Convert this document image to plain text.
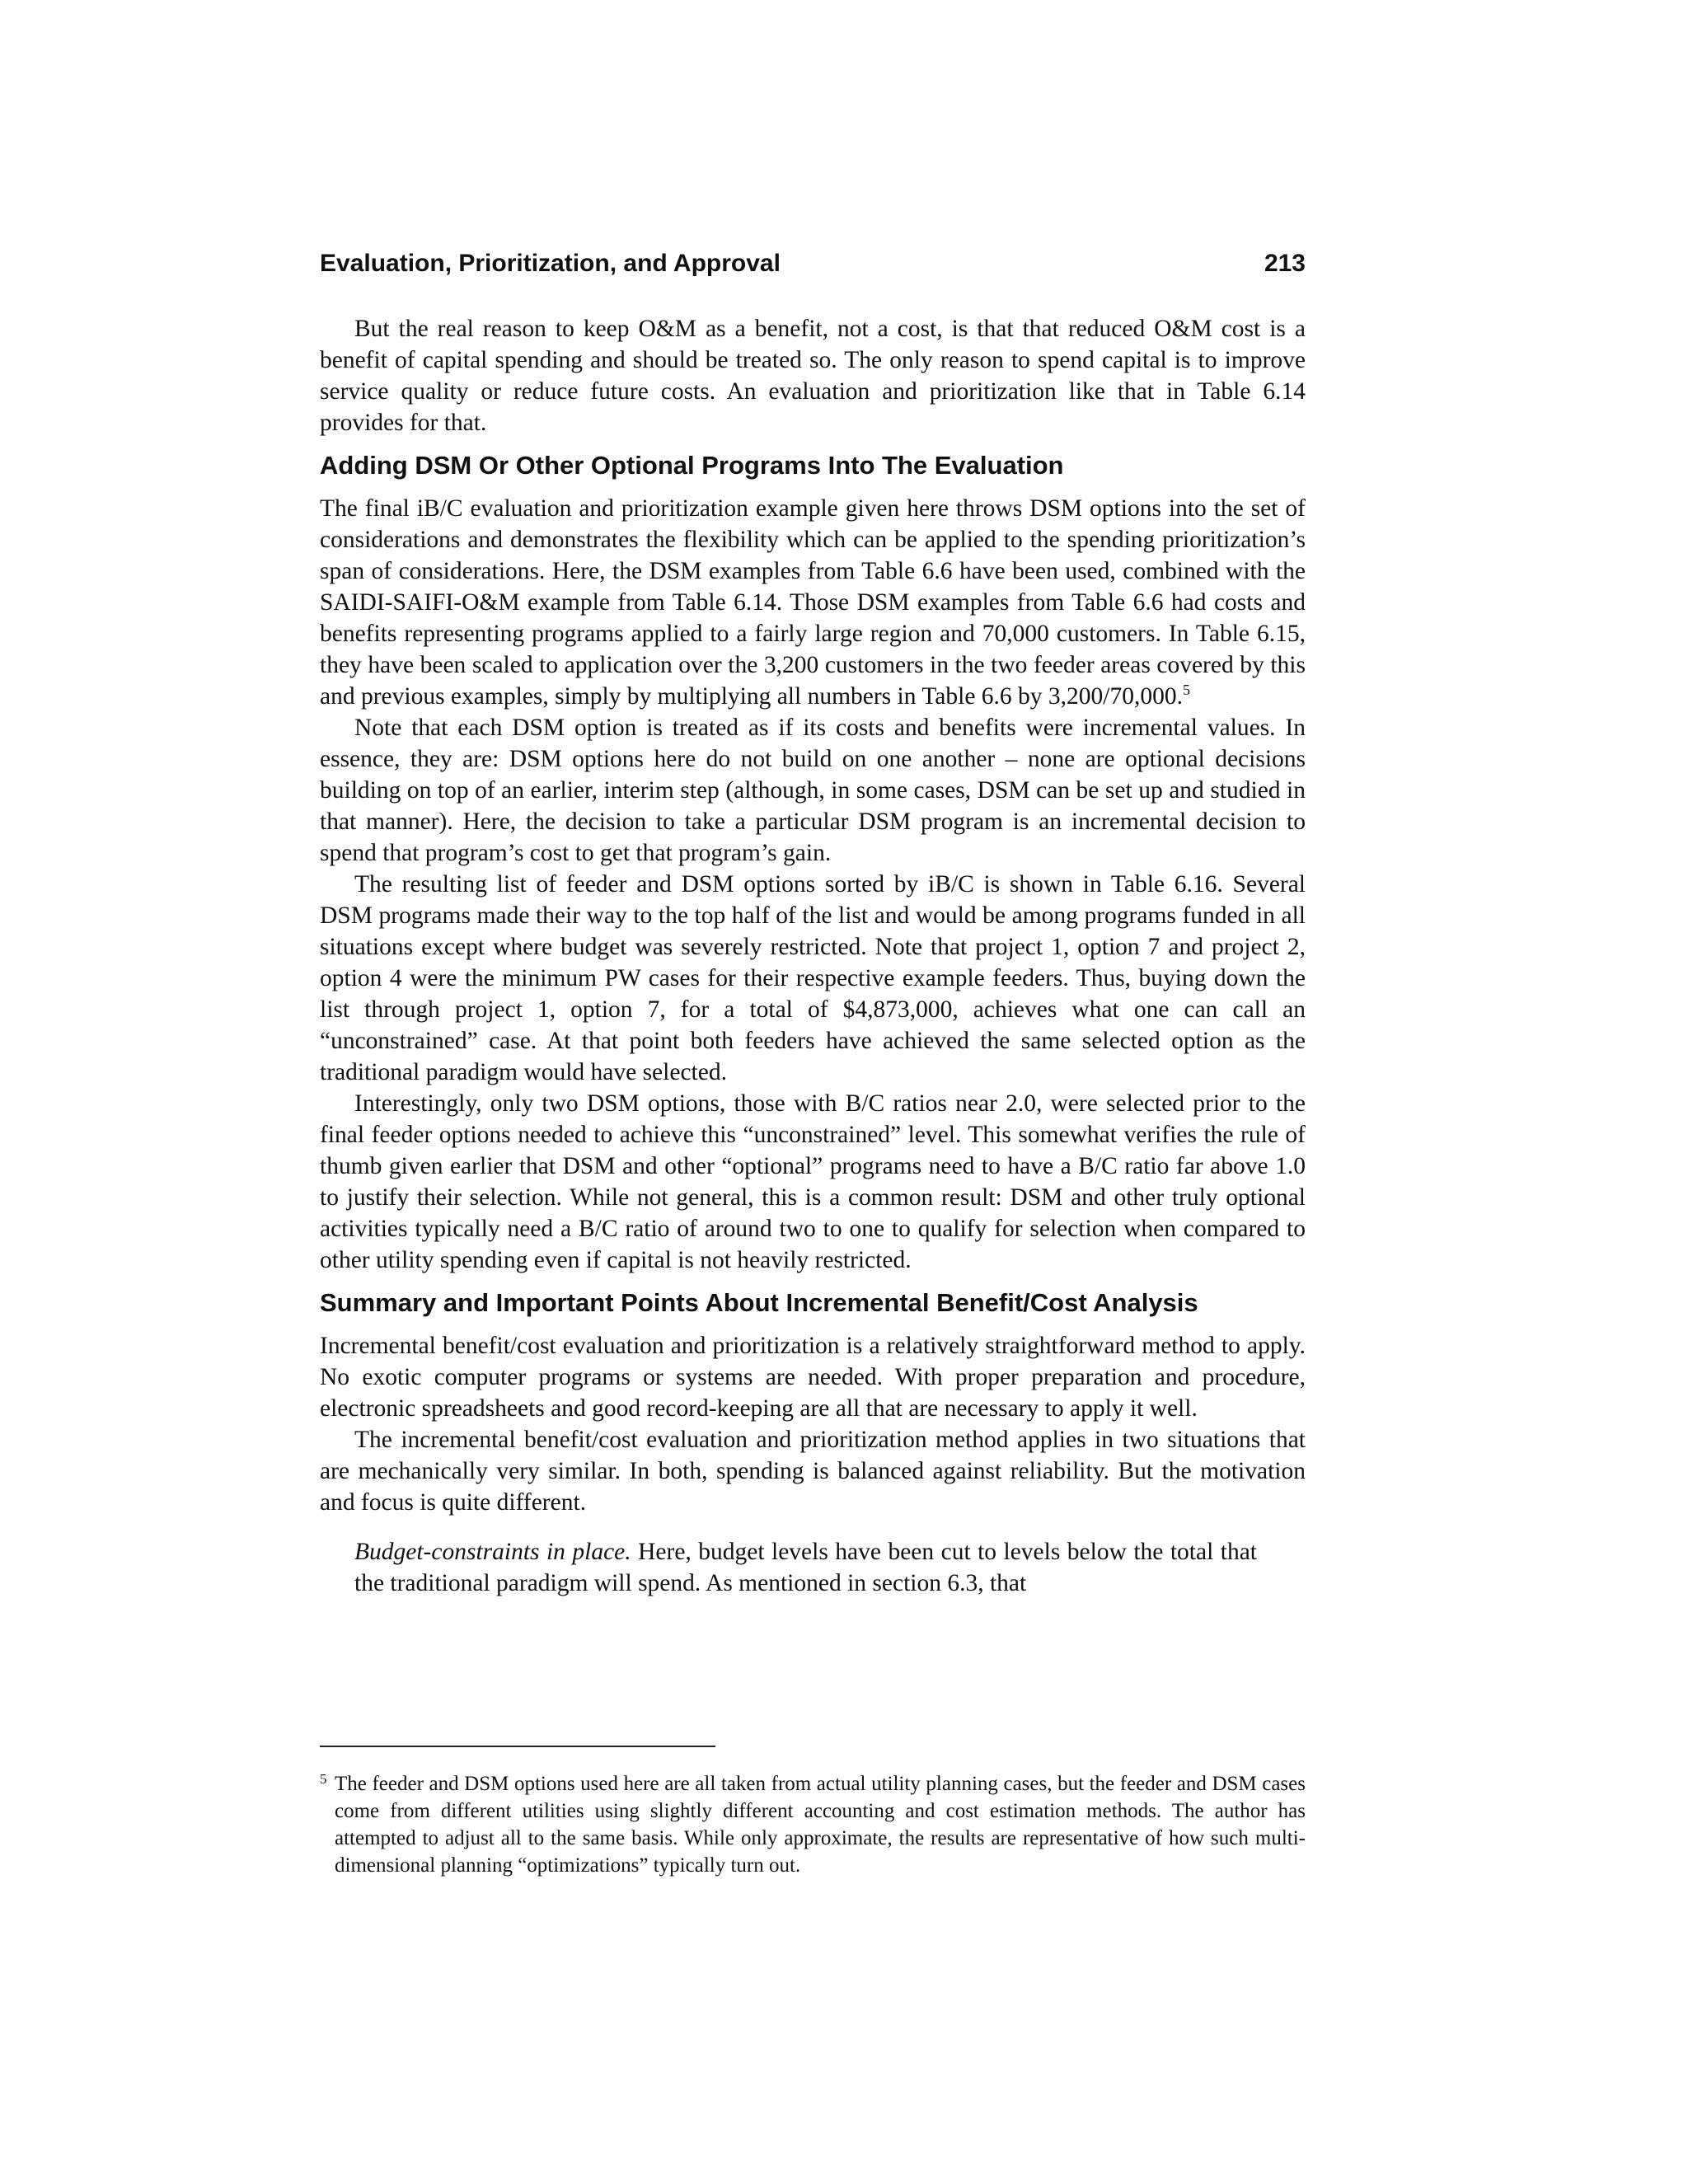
Evaluation, Prioritization, and Approval	213

But the real reason to keep O&M as a benefit, not a cost, is that that reduced O&M cost is a benefit of capital spending and should be treated so. The only reason to spend capital is to improve service quality or reduce future costs. An evaluation and prioritization like that in Table 6.14 provides for that.

Adding DSM Or Other Optional Programs Into The Evaluation

The final iB/C evaluation and prioritization example given here throws DSM options into the set of considerations and demonstrates the flexibility which can be applied to the spending prioritization’s span of considerations. Here, the DSM examples from Table 6.6 have been used, combined with the SAIDI-SAIFI-O&M example from Table 6.14. Those DSM examples from Table 6.6 had costs and benefits representing programs applied to a fairly large region and 70,000 customers. In Table 6.15, they have been scaled to application over the 3,200 customers in the two feeder areas covered by this and previous examples, simply by multiplying all numbers in Table 6.6 by 3,200/70,000.$^5$

Note that each DSM option is treated as if its costs and benefits were incremental values. In essence, they are: DSM options here do not build on one another – none are optional decisions building on top of an earlier, interim step (although, in some cases, DSM can be set up and studied in that manner). Here, the decision to take a particular DSM program is an incremental decision to spend that program’s cost to get that program’s gain.

The resulting list of feeder and DSM options sorted by iB/C is shown in Table 6.16. Several DSM programs made their way to the top half of the list and would be among programs funded in all situations except where budget was severely restricted. Note that project 1, option 7 and project 2, option 4 were the minimum PW cases for their respective example feeders. Thus, buying down the list through project 1, option 7, for a total of $4,873,000, achieves what one can call an “unconstrained” case. At that point both feeders have achieved the same selected option as the traditional paradigm would have selected.

Interestingly, only two DSM options, those with B/C ratios near 2.0, were selected prior to the final feeder options needed to achieve this “unconstrained” level. This somewhat verifies the rule of thumb given earlier that DSM and other “optional” programs need to have a B/C ratio far above 1.0 to justify their selection. While not general, this is a common result: DSM and other truly optional activities typically need a B/C ratio of around two to one to qualify for selection when compared to other utility spending even if capital is not heavily restricted.

Summary and Important Points About Incremental Benefit/Cost Analysis

Incremental benefit/cost evaluation and prioritization is a relatively straightforward method to apply. No exotic computer programs or systems are needed. With proper preparation and procedure, electronic spreadsheets and good record-keeping are all that are necessary to apply it well.

The incremental benefit/cost evaluation and prioritization method applies in two situations that are mechanically very similar. In both, spending is balanced against reliability. But the motivation and focus is quite different.

Budget-constraints in place. Here, budget levels have been cut to levels below the total that the traditional paradigm will spend. As mentioned in section 6.3, that

5 The feeder and DSM options used here are all taken from actual utility planning cases, but the feeder and DSM cases come from different utilities using slightly different accounting and cost estimation methods. The author has attempted to adjust all to the same basis. While only approximate, the results are representative of how such multi-dimensional planning “optimizations” typically turn out.
